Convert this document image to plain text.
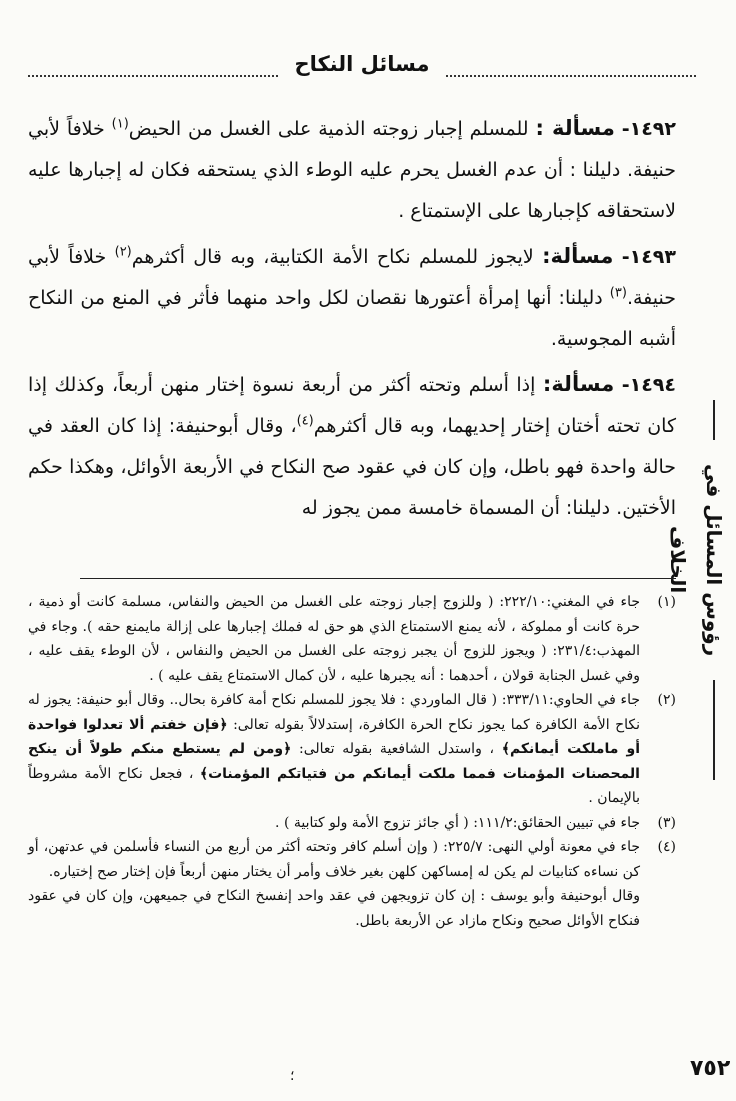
مسائل النكاح
رؤوس المسائل في الخلاف

١٤٩٢- مسألة : للمسلم إجبار زوجته الذمية على الغسل من الحيض$^{(١)}$ خلافاً لأبي حنيفة. دليلنا : أن عدم الغسل يحرم عليه الوطء الذي يستحقه فكان له إجبارها عليه لاستحقاقه كإجبارها على الإستمتاع .

١٤٩٣- مسألة: لايجوز للمسلم نكاح الأمة الكتابية، وبه قال أكثرهم$^{(٢)}$ خلافاً لأبي حنيفة.$^{(٣)}$ دليلنا: أنها إمرأة أعتورها نقصان لكل واحد منهما فأثر في المنع من النكاح أشبه المجوسية.

١٤٩٤- مسألة: إذا أسلم وتحته أكثر من أربعة نسوة إختار منهن أربعاً، وكذلك إذا كان تحته أختان إختار إحديهما، وبه قال أكثرهم$^{(٤)}$، وقال أبوحنيفة: إذا كان العقد في حالة واحدة فهو باطل، وإن كان في عقود صح النكاح في الأربعة الأوائل، وهكذا حكم الأختين. دليلنا: أن المسماة خامسة ممن يجوز له

(١)
جاء في المغني:٢٢٢/١٠: ( وللزوج إجبار زوجته على الغسل من الحيض والنفاس، مسلمة كانت أو ذمية ، حرة كانت أو مملوكة ، لأنه يمنع الاستمتاع الذي هو حق له فملك إجبارها على إزالة مايمنع حقه ). وجاء في المهذب:٢٣١/٤: ( ويجوز للزوج أن يجبر زوجته على الغسل من الحيض والنفاس ، لأن الوطء يقف عليه ، وفي غسل الجنابة قولان ، أحدهما : أنه يجبرها عليه ، لأن كمال الاستمتاع يقف عليه ) .

(٢)
جاء في الحاوي:٣٣٣/١١: ( قال الماوردي : فلا يجوز للمسلم نكاح أمة كافرة بحال.. وقال أبو حنيفة: يجوز له نكاح الأمة الكافرة كما يجوز نكاح الحرة الكافرة، إستدلالاً بقوله تعالى: ﴿فإن خفتم ألا تعدلوا فواحدة أو ماملكت أيمانكم﴾ ، واستدل الشافعية بقوله تعالى: ﴿ومن لم يستطع منكم طولاً أن ينكح المحصنات المؤمنات فمما ملكت أيمانكم من فتياتكم المؤمنات﴾ ، فجعل نكاح الأمة مشروطاً بالإيمان .

(٣)
جاء في تبيين الحقائق:١١١/٢: ( أي جائز تزوج الأمة ولو كتابية ) .

(٤)
جاء في معونة أولي النهى: ٢٢٥/٧: ( وإن أسلم كافر وتحته أكثر من أربع من النساء فأسلمن في عدتهن، أو كن نساءه كتابيات لم يكن له إمساكهن كلهن بغير خلاف وأمر أن يختار منهن أربعاً فإن إختار صح إختياره.

وقال أبوحنيفة وأبو يوسف : إن كان تزويجهن في عقد واحد إنفسخ النكاح في جميعهن، وإن كان في عقود فنكاح الأوائل صحيح ونكاح مازاد عن الأربعة باطل.

؛	٧٥٢
